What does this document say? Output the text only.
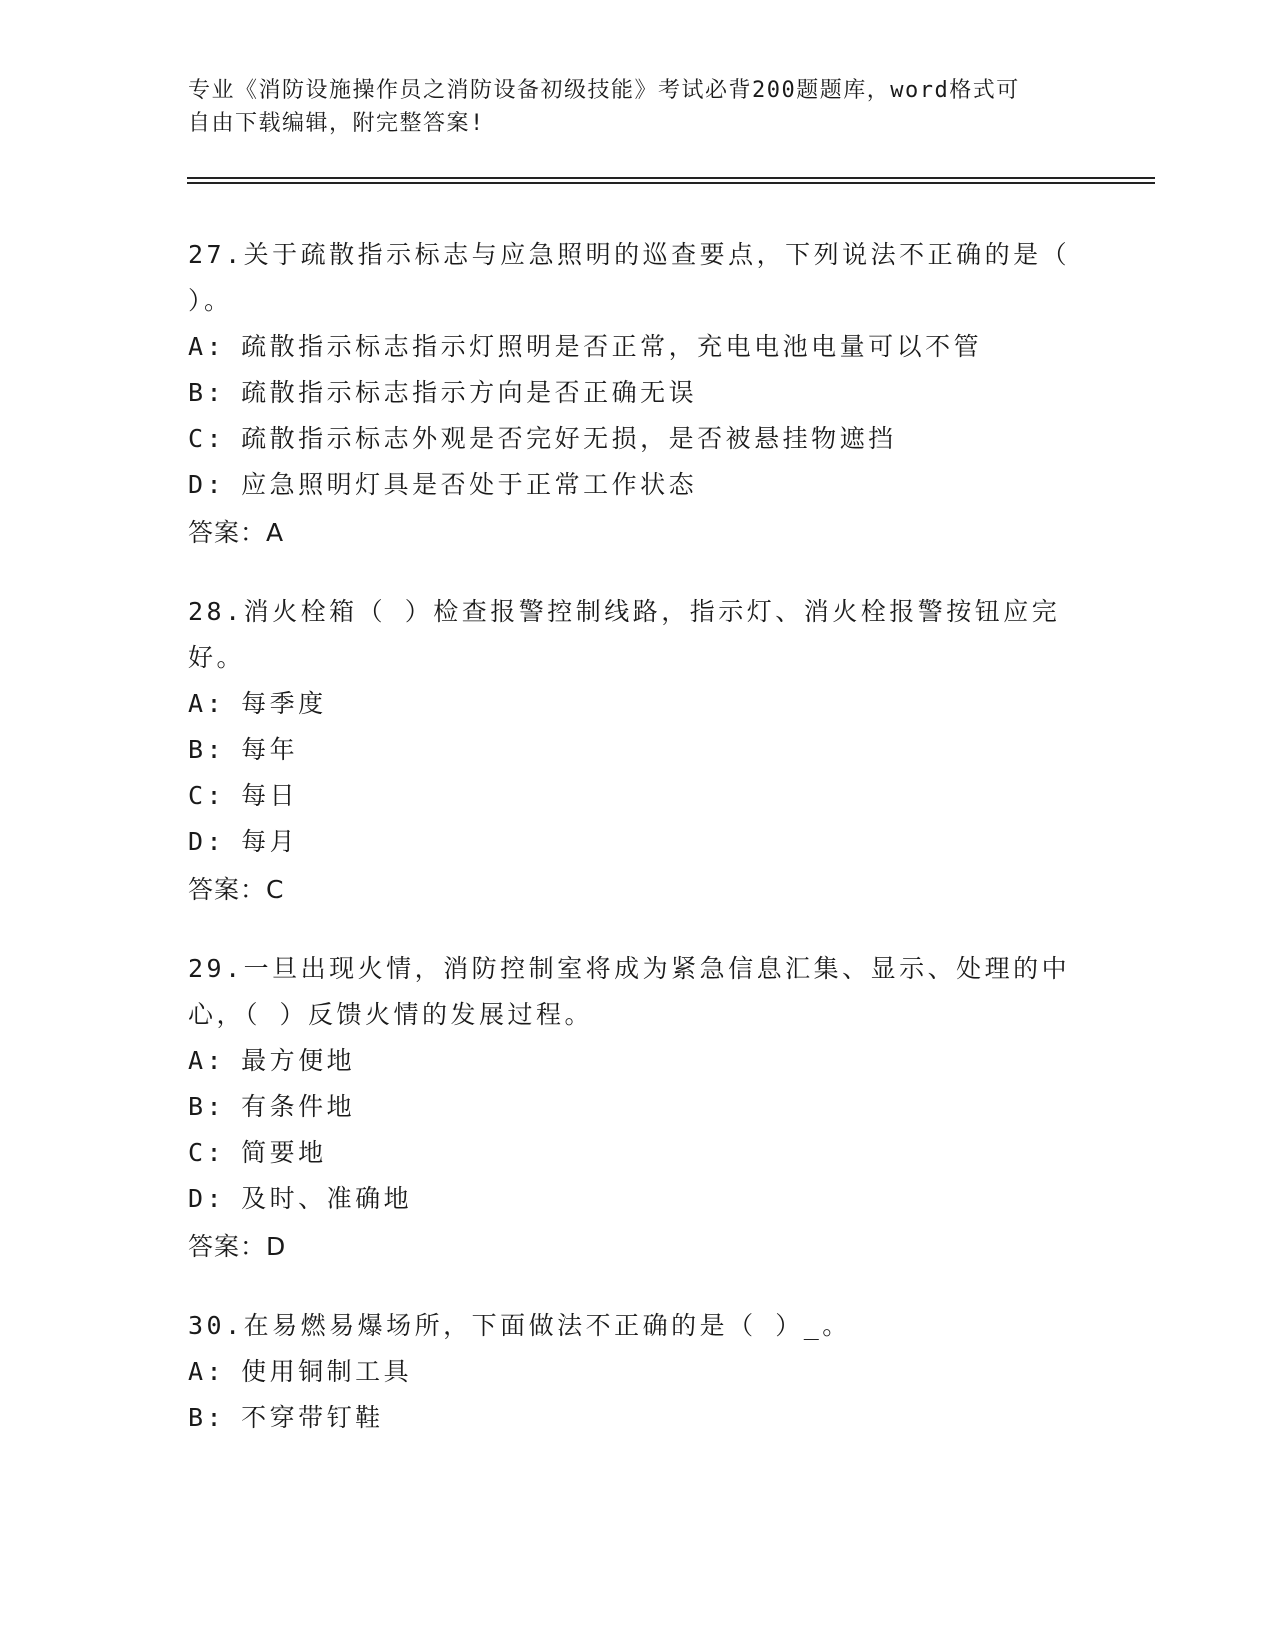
专业《消防设施操作员之消防设备初级技能》考试必背200题题库，word格式可
自由下载编辑，附完整答案!
27.关于疏散指示标志与应急照明的巡查要点，下列说法不正确的是（ ）。
A: 疏散指示标志指示灯照明是否正常，充电电池电量可以不管
B: 疏散指示标志指示方向是否正确无误
C: 疏散指示标志外观是否完好无损，是否被悬挂物遮挡
D: 应急照明灯具是否处于正常工作状态
答案：A
28.消火栓箱（ ）检查报警控制线路，指示灯、消火栓报警按钮应完好。
A: 每季度
B: 每年
C: 每日
D: 每月
答案：C
29.一旦出现火情，消防控制室将成为紧急信息汇集、显示、处理的中心，（ ）反馈火情的发展过程。
A: 最方便地
B: 有条件地
C: 简要地
D: 及时、准确地
答案：D
30.在易燃易爆场所，下面做法不正确的是（ ）_。
A: 使用铜制工具
B: 不穿带钉鞋
